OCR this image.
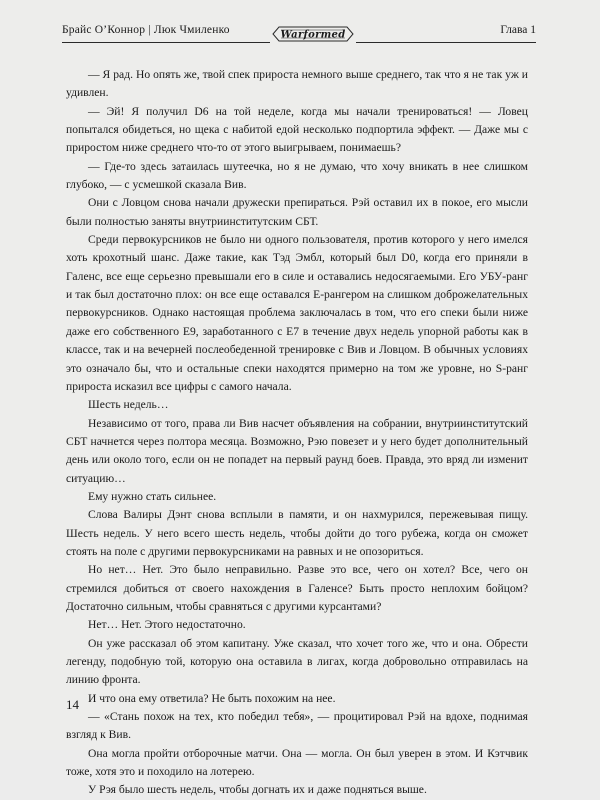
Брайс О’Коннор | Люк Чмиленко	Warformed	Глава 1

— Я рад. Но опять же, твой спек прироста немного выше среднего, так что я не так уж и удивлен.

— Эй! Я получил D6 на той неделе, когда мы начали тренироваться! — Ловец попытался обидеться, но щека с набитой едой несколько подпортила эффект. — Даже мы с приростом ниже среднего что-то от этого выигрываем, понимаешь?

— Где-то здесь затаилась шутеечка, но я не думаю, что хочу вникать в нее слишком глубоко, — с усмешкой сказала Вив.

Они с Ловцом снова начали дружески препираться. Рэй оставил их в покое, его мысли были полностью заняты внутриинститутским СБТ.

Среди первокурсников не было ни одного пользователя, против которого у него имелся хоть крохотный шанс. Даже такие, как Тэд Эмбл, который был D0, когда его приняли в Галенс, все еще серьезно превышали его в силе и оставались недосягаемыми. Его УБУ-ранг и так был достаточно плох: он все еще оставался Е-рангером на слишком доброжелательных первокурсников. Однако настоящая проблема заключалась в том, что его спеки были ниже даже его собственного Е9, заработанного с Е7 в течение двух недель упорной работы как в классе, так и на вечерней послеобеденной тренировке с Вив и Ловцом. В обычных условиях это означало бы, что и остальные спеки находятся примерно на том же уровне, но S-ранг прироста исказил все цифры с самого начала.

Шесть недель…

Независимо от того, права ли Вив насчет объявления на собрании, внутриинститутский СБТ начнется через полтора месяца. Возможно, Рэю повезет и у него будет дополнительный день или около того, если он не попадет на первый раунд боев. Правда, это вряд ли изменит ситуацию…

Ему нужно стать сильнее.

Слова Валиры Дэнт снова всплыли в памяти, и он нахмурился, пережевывая пищу. Шесть недель. У него всего шесть недель, чтобы дойти до того рубежа, когда он сможет стоять на поле с другими первокурсниками на равных и не опозориться.

Но нет… Нет. Это было неправильно. Разве это все, чего он хотел? Все, чего он стремился добиться от своего нахождения в Галенсе? Быть просто неплохим бойцом? Достаточно сильным, чтобы сравняться с другими курсантами?

Нет… Нет. Этого недостаточно.

Он уже рассказал об этом капитану. Уже сказал, что хочет того же, что и она. Обрести легенду, подобную той, которую она оставила в лигах, когда добровольно отправилась на линию фронта.

И что она ему ответила? Не быть похожим на нее.

— «Стань похож на тех, кто победил тебя», — процитировал Рэй на вдохе, поднимая взгляд к Вив.

Она могла пройти отборочные матчи. Она — могла. Он был уверен в этом. И Кэтчвик тоже, хотя это и походило на лотерею.

У Рэя было шесть недель, чтобы догнать их и даже подняться выше.

14
